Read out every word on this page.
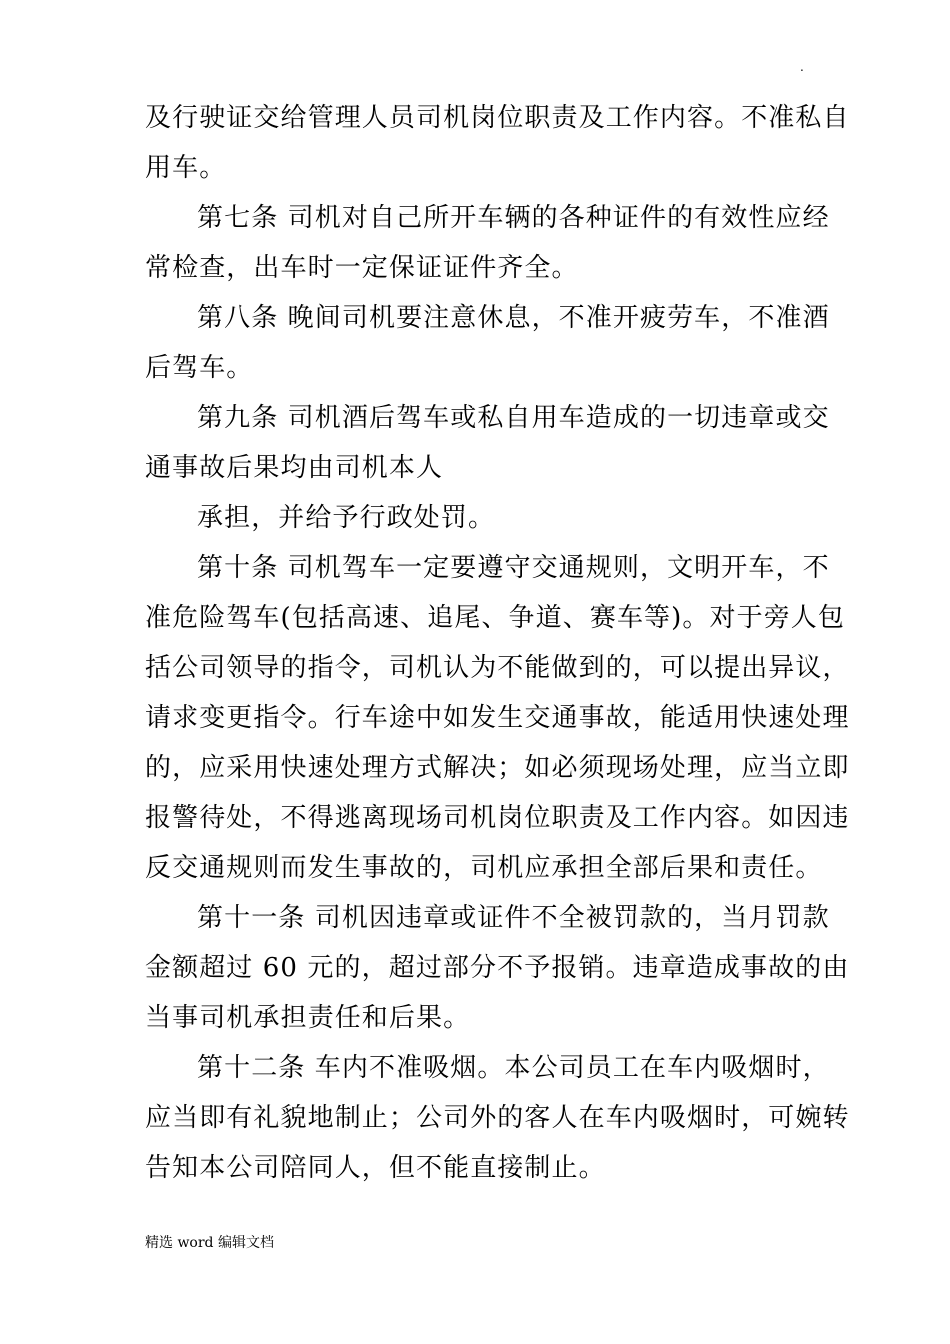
.
及行驶证交给管理人员司机岗位职责及工作内容。不准私自
用车。
第七条 司机对自己所开车辆的各种证件的有效性应经
常检查，出车时一定保证证件齐全。
第八条 晚间司机要注意休息，不准开疲劳车，不准酒
后驾车。
第九条 司机酒后驾车或私自用车造成的一切违章或交
通事故后果均由司机本人
承担，并给予行政处罚。
第十条 司机驾车一定要遵守交通规则，文明开车，不
准危险驾车(包括高速、追尾、争道、赛车等)。对于旁人包
括公司领导的指令，司机认为不能做到的，可以提出异议，
请求变更指令。行车途中如发生交通事故，能适用快速处理
的，应采用快速处理方式解决；如必须现场处理，应当立即
报警待处，不得逃离现场司机岗位职责及工作内容。如因违
反交通规则而发生事故的，司机应承担全部后果和责任。
第十一条 司机因违章或证件不全被罚款的，当月罚款
金额超过 60 元的，超过部分不予报销。违章造成事故的由
当事司机承担责任和后果。
第十二条 车内不准吸烟。本公司员工在车内吸烟时，
应当即有礼貌地制止；公司外的客人在车内吸烟时，可婉转
告知本公司陪同人，但不能直接制止。
精选 word 编辑文档
